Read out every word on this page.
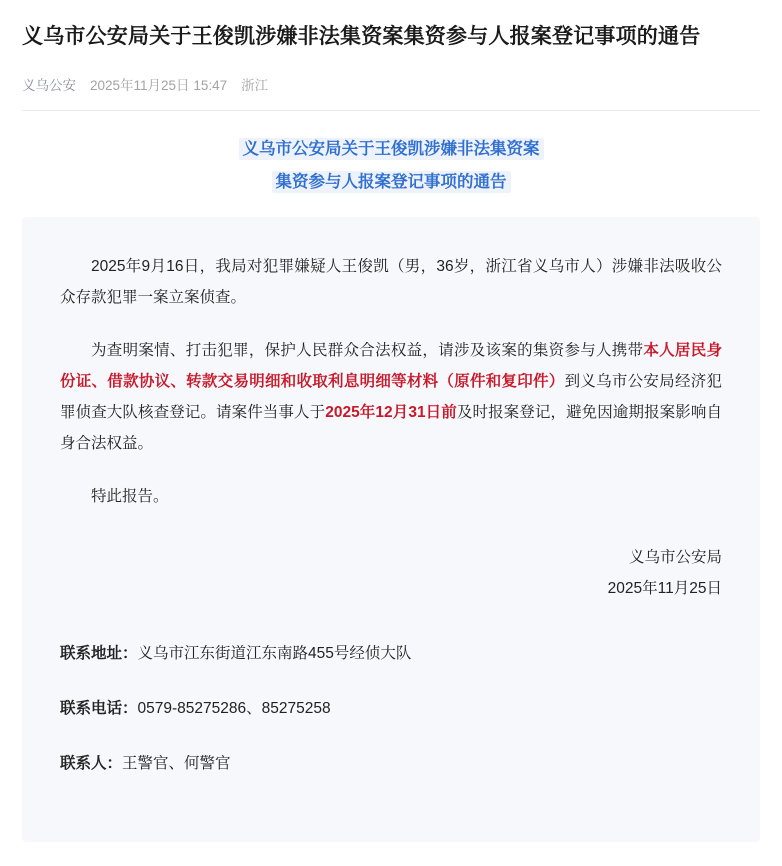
义乌市公安局关于王俊凯涉嫌非法集资案集资参与人报案登记事项的通告
义乌公安 2025年11月25日 15:47 浙江
义乌市公安局关于王俊凯涉嫌非法集资案
集资参与人报案登记事项的通告

2025年9月16日，我局对犯罪嫌疑人王俊凯（男，36岁，浙江省义乌市人）涉嫌非法吸收公众存款犯罪一案立案侦查。

为查明案情、打击犯罪，保护人民群众合法权益，请涉及该案的集资参与人携带本人居民身份证、借款协议、转款交易明细和收取利息明细等材料（原件和复印件）到义乌市公安局经济犯罪侦查大队核查登记。请案件当事人于2025年12月31日前及时报案登记，避免因逾期报案影响自身合法权益。

特此报告。

义乌市公安局
2025年11月25日

联系地址：义乌市江东街道江东南路455号经侦大队

联系电话：0579-85275286、85275258

联系人：王警官、何警官
